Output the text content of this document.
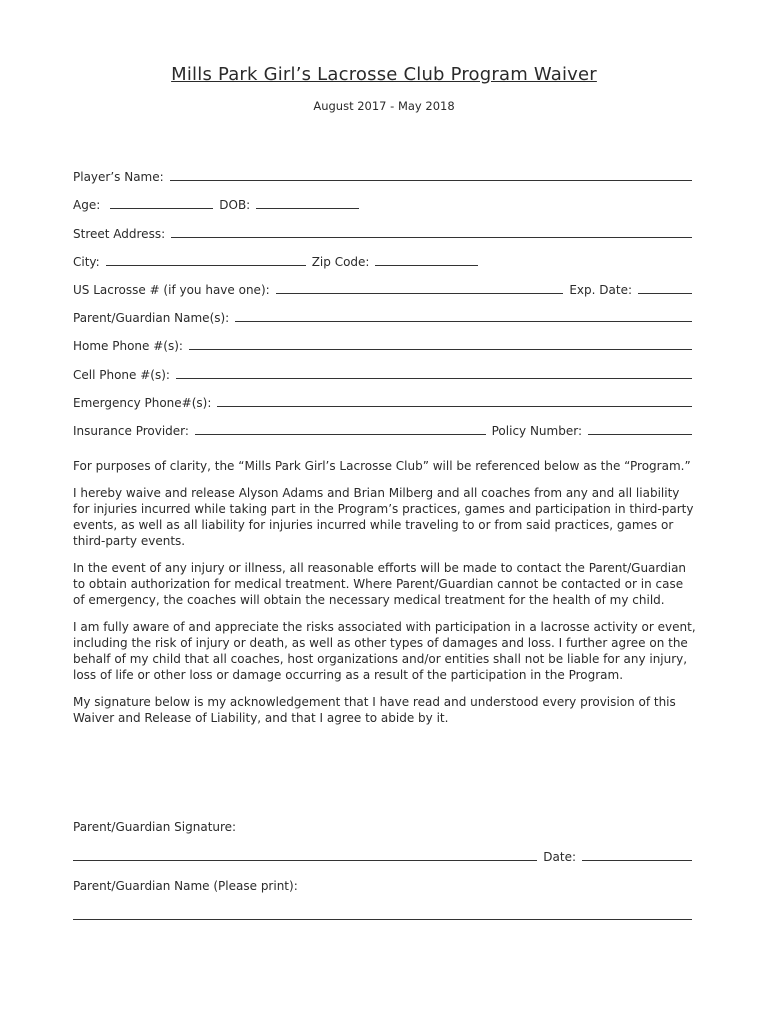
Mills Park Girl’s Lacrosse Club Program Waiver
August 2017 - May 2018
Player’s Name:
Age:	DOB:
Street Address:
City:	Zip Code:
US Lacrosse # (if you have one):	Exp. Date:
Parent/Guardian Name(s):
Home Phone #(s):
Cell Phone #(s):
Emergency Phone#(s):
Insurance Provider:	Policy Number:

For purposes of clarity, the “Mills Park Girl’s Lacrosse Club” will be referenced below as the “Program.”

I hereby waive and release Alyson Adams and Brian Milberg and all coaches from any and all liability for injuries incurred while taking part in the Program’s practices, games and participation in third-party events, as well as all liability for injuries incurred while traveling to or from said practices, games or third-party events.

In the event of any injury or illness, all reasonable efforts will be made to contact the Parent/Guardian to obtain authorization for medical treatment. Where Parent/Guardian cannot be contacted or in case of emergency, the coaches will obtain the necessary medical treatment for the health of my child.

I am fully aware of and appreciate the risks associated with participation in a lacrosse activity or event, including the risk of injury or death, as well as other types of damages and loss. I further agree on the behalf of my child that all coaches, host organizations and/or entities shall not be liable for any injury, loss of life or other loss or damage occurring as a result of the participation in the Program.

My signature below is my acknowledgement that I have read and understood every provision of this Waiver and Release of Liability, and that I agree to abide by it.

Parent/Guardian Signature:
Date:
Parent/Guardian Name (Please print):
